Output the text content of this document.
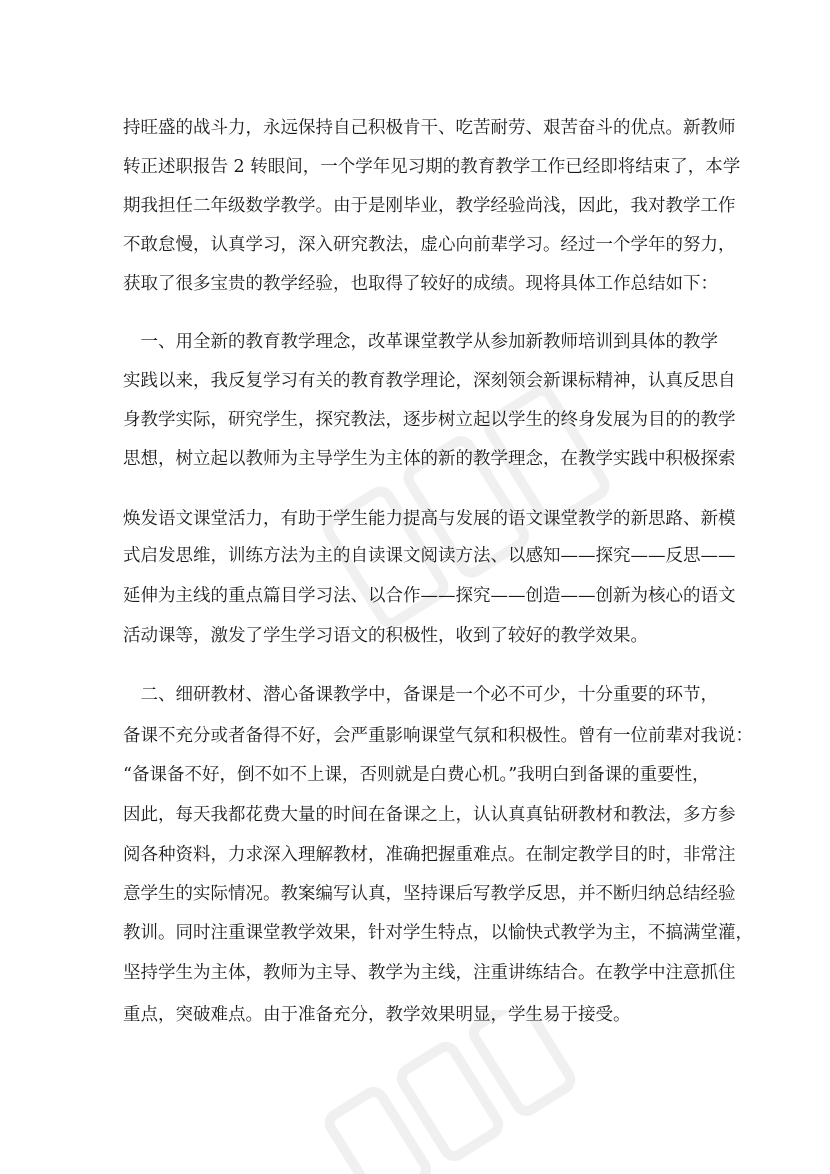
持旺盛的战斗力，永远保持自己积极肯干、吃苦耐劳、艰苦奋斗的优点。新教师
转正述职报告 2 转眼间，一个学年见习期的教育教学工作已经即将结束了，本学
期我担任二年级数学教学。由于是刚毕业，教学经验尚浅，因此，我对教学工作
不敢怠慢，认真学习，深入研究教法，虚心向前辈学习。经过一个学年的努力，
获取了很多宝贵的教学经验，也取得了较好的成绩。现将具体工作总结如下：
　一、用全新的教育教学理念，改革课堂教学从参加新教师培训到具体的教学
实践以来，我反复学习有关的教育教学理论，深刻领会新课标精神，认真反思自
身教学实际，研究学生，探究教法，逐步树立起以学生的终身发展为目的的教学
思想，树立起以教师为主导学生为主体的新的教学理念，在教学实践中积极探索
焕发语文课堂活力，有助于学生能力提高与发展的语文课堂教学的新思路、新模
式启发思维，训练方法为主的自读课文阅读方法、以感知——探究——反思——
延伸为主线的重点篇目学习法、以合作——探究——创造——创新为核心的语文
活动课等，激发了学生学习语文的积极性，收到了较好的教学效果。
　二、细研教材、潜心备课教学中，备课是一个必不可少，十分重要的环节，
备课不充分或者备得不好，会严重影响课堂气氛和积极性。曾有一位前辈对我说：
“备课备不好，倒不如不上课，否则就是白费心机。”我明白到备课的重要性，
因此，每天我都花费大量的时间在备课之上，认认真真钻研教材和教法，多方参
阅各种资料，力求深入理解教材，准确把握重难点。在制定教学目的时，非常注
意学生的实际情况。教案编写认真，坚持课后写教学反思，并不断归纳总结经验
教训。同时注重课堂教学效果，针对学生特点，以愉快式教学为主，不搞满堂灌，
坚持学生为主体，教师为主导、教学为主线，注重讲练结合。在教学中注意抓住
重点，突破难点。由于准备充分，教学效果明显，学生易于接受。
